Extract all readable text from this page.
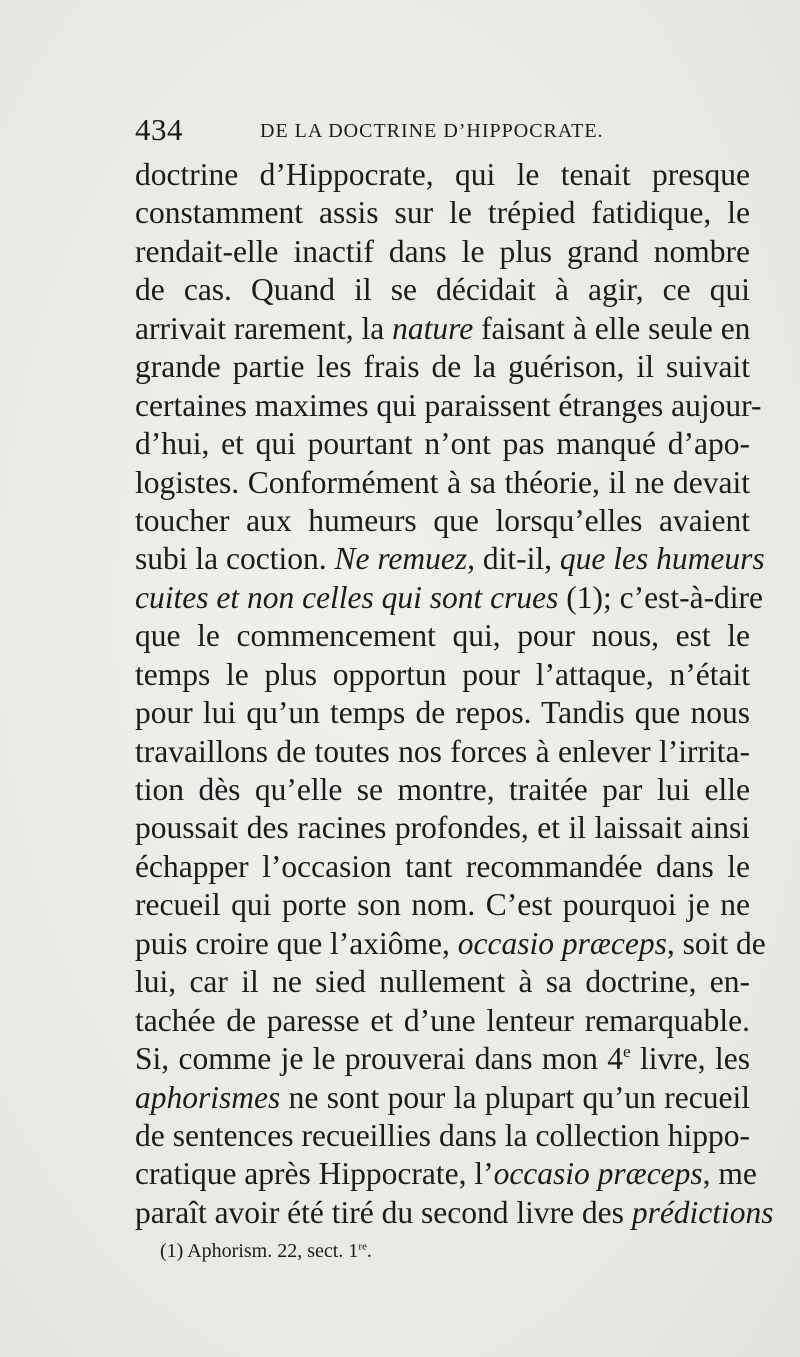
434	DE LA DOCTRINE D’HIPPOCRATE.
doctrine d’Hippocrate, qui le tenait presque
constamment assis sur le trépied fatidique, le
rendait-elle inactif dans le plus grand nombre
de cas. Quand il se décidait à agir, ce qui
arrivait rarement, la nature faisant à elle seule en
grande partie les frais de la guérison, il suivait
certaines maximes qui paraissent étranges aujour-
d’hui, et qui pourtant n’ont pas manqué d’apo-
logistes. Conformément à sa théorie, il ne devait
toucher aux humeurs que lorsqu’elles avaient
subi la coction. Ne remuez, dit-il, que les humeurs
cuites et non celles qui sont crues (1); c’est-à-dire
que le commencement qui, pour nous, est le
temps le plus opportun pour l’attaque, n’était
pour lui qu’un temps de repos. Tandis que nous
travaillons de toutes nos forces à enlever l’irrita-
tion dès qu’elle se montre, traitée par lui elle
poussait des racines profondes, et il laissait ainsi
échapper l’occasion tant recommandée dans le
recueil qui porte son nom. C’est pourquoi je ne
puis croire que l’axiôme, occasio præceps, soit de
lui, car il ne sied nullement à sa doctrine, en-
tachée de paresse et d’une lenteur remarquable.
Si, comme je le prouverai dans mon 4e livre, les
aphorismes ne sont pour la plupart qu’un recueil
de sentences recueillies dans la collection hippo-
cratique après Hippocrate, l’occasio præceps, me
paraît avoir été tiré du second livre des prédictions
(1) Aphorism. 22, sect. 1re.
